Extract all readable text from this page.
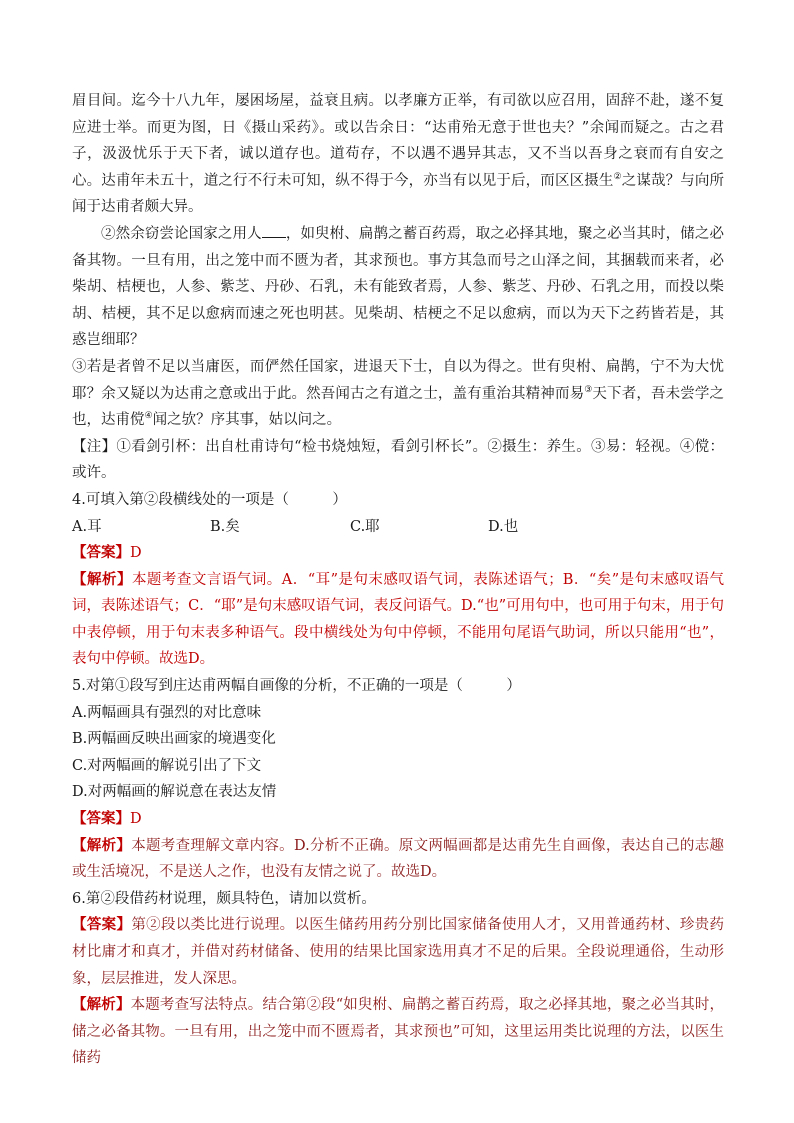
眉目间。迄今十八九年，屡困场屋，益衰且病。以孝廉方正举，有司欲以应召用，固辞不赴，遂不复应进士举。而更为图，日《摄山采药》。或以告余日：“达甫殆无意于世也夫？”余闻而疑之。古之君子，汲汲忧乐于天下者，诚以道存也。道苟存，不以遇不遇异其志，又不当以吾身之衰而有自安之心。达甫年未五十，道之行不行未可知，纵不得于今，亦当有以见于后，而区区摄生②之谋哉？与向所闻于达甫者颇大异。

②然余窃尝论国家之用人 ，如臾柎、扁鹊之蓄百药焉，取之必择其地，聚之必当其时，储之必备其物。一旦有用，出之笼中而不匮为者，其求预也。事方其急而号之山泽之间，其捆载而来者，必柴胡、桔梗也，人参、紫芝、丹砂、石乳，未有能致者焉，人参、紫芝、丹砂、石乳之用，而投以柴胡、桔梗，其不足以愈病而速之死也明甚。见柴胡、桔梗之不足以愈病，而以为天下之药皆若是，其惑岂细耶？

③若是者曾不足以当庸医，而俨然任国家，进退天下士，自以为得之。世有臾柎、扁鹊，宁不为大忧耶？余又疑以为达甫之意或出于此。然吾闻古之有道之士，盖有重治其精神而易③天下者，吾未尝学之也，达甫傥④闻之欤？序其事，姑以问之。

【注】①看剑引杯：出自杜甫诗句“检书烧烛短，看剑引杯长”。②摄生：养生。③易：轻视。④傥：或许。

4.可填入第②段横线处的一项是（　　　）

A.耳	B.矣	C.耶	D.也

【答案】D

【解析】本题考查文言语气词。A．“耳”是句末感叹语气词，表陈述语气；B．“矣”是句末感叹语气词，表陈述语气；C．“耶”是句末感叹语气词，表反问语气。D.“也”可用句中，也可用于句末，用于句中表停顿，用于句末表多种语气。段中横线处为句中停顿，不能用句尾语气助词，所以只能用“也”，表句中停顿。故选D。

5.对第①段写到庄达甫两幅自画像的分析，不正确的一项是（　　　）

A.两幅画具有强烈的对比意味

B.两幅画反映出画家的境遇变化

C.对两幅画的解说引出了下文

D.对两幅画的解说意在表达友情

【答案】D

【解析】本题考查理解文章内容。D.分析不正确。原文两幅画都是达甫先生自画像，表达自己的志趣或生活境况，不是送人之作，也没有友情之说了。故选D。

6.第②段借药材说理，颇具特色，请加以赏析。

【答案】第②段以类比进行说理。以医生储药用药分别比国家储备使用人才，又用普通药材、珍贵药材比庸才和真才，并借对药材储备、使用的结果比国家选用真才不足的后果。全段说理通俗，生动形象，层层推进，发人深思。

【解析】本题考查写法特点。结合第②段“如臾柎、扁鹊之蓄百药焉，取之必择其地，聚之必当其时，储之必备其物。一旦有用，出之笼中而不匮焉者，其求预也”可知，这里运用类比说理的方法，以医生储药
